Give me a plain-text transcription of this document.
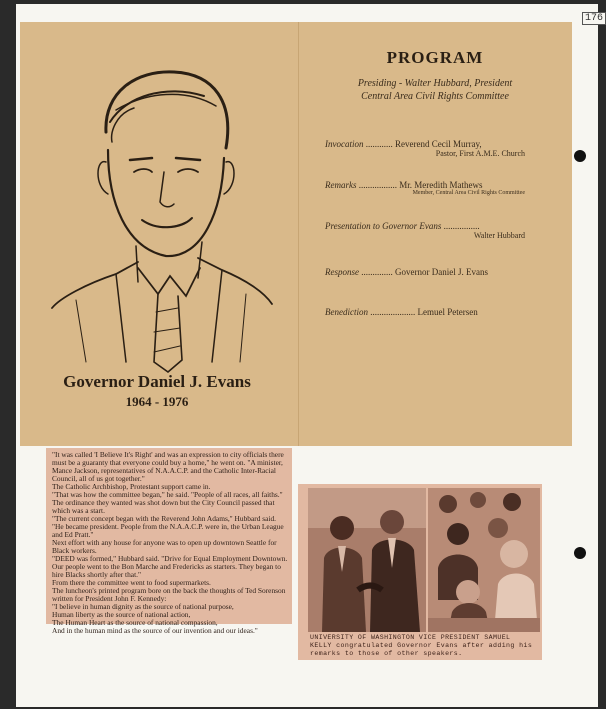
176
Governor Daniel J. Evans
1964 - 1976
PROGRAM
Presiding - Walter Hubbard, President
Central Area Civil Rights Committee
Invocation ............ Reverend Cecil Murray,
Pastor, First A.M.E. Church
Remarks ................. Mr. Meredith Mathews
Member, Central Area Civil Rights Committee
Presentation to Governor Evans ................
Walter Hubbard
Response .............. Governor Daniel J. Evans
Benediction .................... Lemuel Petersen

"It was called 'I Believe It's Right' and was an expression to city officials there must be a guaranty that everyone could buy a home," he went on. "A minister, Mance Jackson, representatives of N.A.A.C.P. and the Catholic Inter-Racial Council, all of us got together."

The Catholic Archbishop, Protestant support came in.

"That was how the committee began," he said. "People of all races, all faiths."

The ordinance they wanted was shot down but the City Council passed that which was a start.

"The current concept began with the Reverend John Adams," Hubbard said. "He became president. People from the N.A.A.C.P. were in, the Urban League and Ed Pratt."

Next effort with any house for anyone was to open up downtown Seattle for Black workers.

"DEED was formed," Hubbard said. "Drive for Equal Employment Downtown. Our people went to the Bon Marche and Fredericks as starters. They began to hire Blacks shortly after that."

From there the committee went to food supermarkets.

The luncheon's printed program bore on the back the thoughts of Ted Sorenson written for President John F. Kennedy:

"I believe in human dignity as the source of national purpose,

Human liberty as the source of national action,

The Human Heart as the source of national compassion,

And in the human mind as the source of our invention and our ideas."

UNIVERSITY OF WASHINGTON VICE PRESIDENT SAMUEL KELLY congratulated Governor Evans after adding his remarks to those of other speakers.
